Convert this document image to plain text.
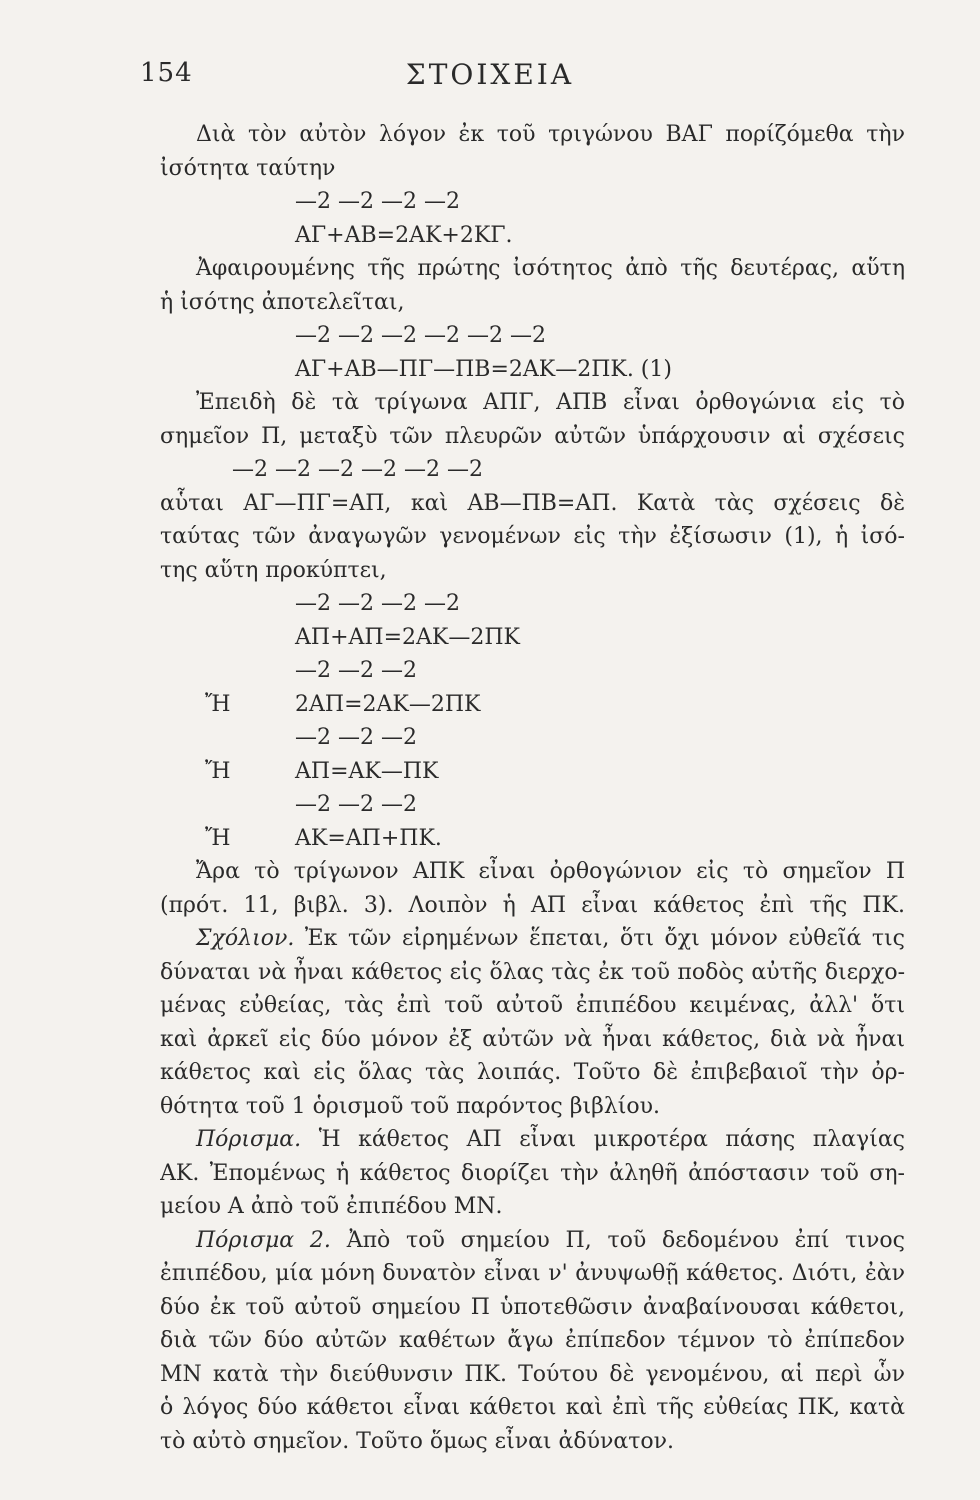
154	ΣΤΟΙΧΕΙΑ
Διὰ τὸν αὐτὸν λόγον ἐκ τοῦ τριγώνου ΒΑΓ πορίζόμεθα τὴν
ἰσότητα ταύτην
—2 —2 —2 —2
ΑΓ+ΑΒ=2ΑΚ+2ΚΓ.
Ἀφαιρουμένης τῆς πρώτης ἰσότητος ἀπὸ τῆς δευτέρας, αὕτη
ἡ ἰσότης ἀποτελεῖται,
—2 —2 —2 —2 —2 —2
ΑΓ+ΑΒ—ΠΓ—ΠΒ=2ΑΚ—2ΠΚ. (1)
Ἐπειδὴ δὲ τὰ τρίγωνα ΑΠΓ, ΑΠΒ εἶναι ὀρθογώνια εἰς τὸ
σημεῖον Π, μεταξὺ τῶν πλευρῶν αὐτῶν ὑπάρχουσιν αἱ σχέσεις
—2 —2 —2 —2 —2 —2
αὗται ΑΓ—ΠΓ=ΑΠ, καὶ ΑΒ—ΠΒ=ΑΠ. Κατὰ τὰς σχέσεις δὲ
ταύτας τῶν ἀναγωγῶν γενομένων εἰς τὴν ἐξίσωσιν (1), ἡ ἰσό-
της αὕτη προκύπτει,
—2 —2 —2 —2
ΑΠ+ΑΠ=2ΑΚ—2ΠΚ
—2 —2 —2
Ἤ	2ΑΠ=2ΑΚ—2ΠΚ
—2 —2 —2
Ἤ	ΑΠ=ΑΚ—ΠΚ
—2 —2 —2
Ἤ	ΑΚ=ΑΠ+ΠΚ.
Ἄρα τὸ τρίγωνον ΑΠΚ εἶναι ὀρθογώνιον εἰς τὸ σημεῖον Π
(πρότ. 11, βιβλ. 3). Λοιπὸν ἡ ΑΠ εἶναι κάθετος ἐπὶ τῆς ΠΚ.
Σχόλιον. Ἐκ τῶν εἰρημένων ἕπεται, ὅτι ὄχι μόνον εὐθεῖά τις
δύναται νὰ ἦναι κάθετος εἰς ὅλας τὰς ἐκ τοῦ ποδὸς αὐτῆς διερχο-
μένας εὐθείας, τὰς ἐπὶ τοῦ αὐτοῦ ἐπιπέδου κειμένας, ἀλλ' ὅτι
καὶ ἀρκεῖ εἰς δύο μόνον ἐξ αὐτῶν νὰ ἦναι κάθετος, διὰ νὰ ἦναι
κάθετος καὶ εἰς ὅλας τὰς λοιπάς. Τοῦτο δὲ ἐπιβεβαιοῖ τὴν ὀρ-
θότητα τοῦ 1 ὁρισμοῦ τοῦ παρόντος βιβλίου.
Πόρισμα. Ἡ κάθετος ΑΠ εἶναι μικροτέρα πάσης πλαγίας
ΑΚ. Ἐπομένως ἡ κάθετος διορίζει τὴν ἀληθῆ ἀπόστασιν τοῦ ση-
μείου Α ἀπὸ τοῦ ἐπιπέδου ΜΝ.
Πόρισμα 2. Ἀπὸ τοῦ σημείου Π, τοῦ δεδομένου ἐπί τινος
ἐπιπέδου, μία μόνη δυνατὸν εἶναι ν' ἀνυψωθῇ κάθετος. Διότι, ἐὰν
δύο ἐκ τοῦ αὐτοῦ σημείου Π ὑποτεθῶσιν ἀναβαίνουσαι κάθετοι,
διὰ τῶν δύο αὐτῶν καθέτων ἄγω ἐπίπεδον τέμνον τὸ ἐπίπεδον
ΜΝ κατὰ τὴν διεύθυνσιν ΠΚ. Τούτου δὲ γενομένου, αἱ περὶ ὧν
ὁ λόγος δύο κάθετοι εἶναι κάθετοι καὶ ἐπὶ τῆς εὐθείας ΠΚ, κατὰ
τὸ αὐτὸ σημεῖον. Τοῦτο ὅμως εἶναι ἀδύνατον.
